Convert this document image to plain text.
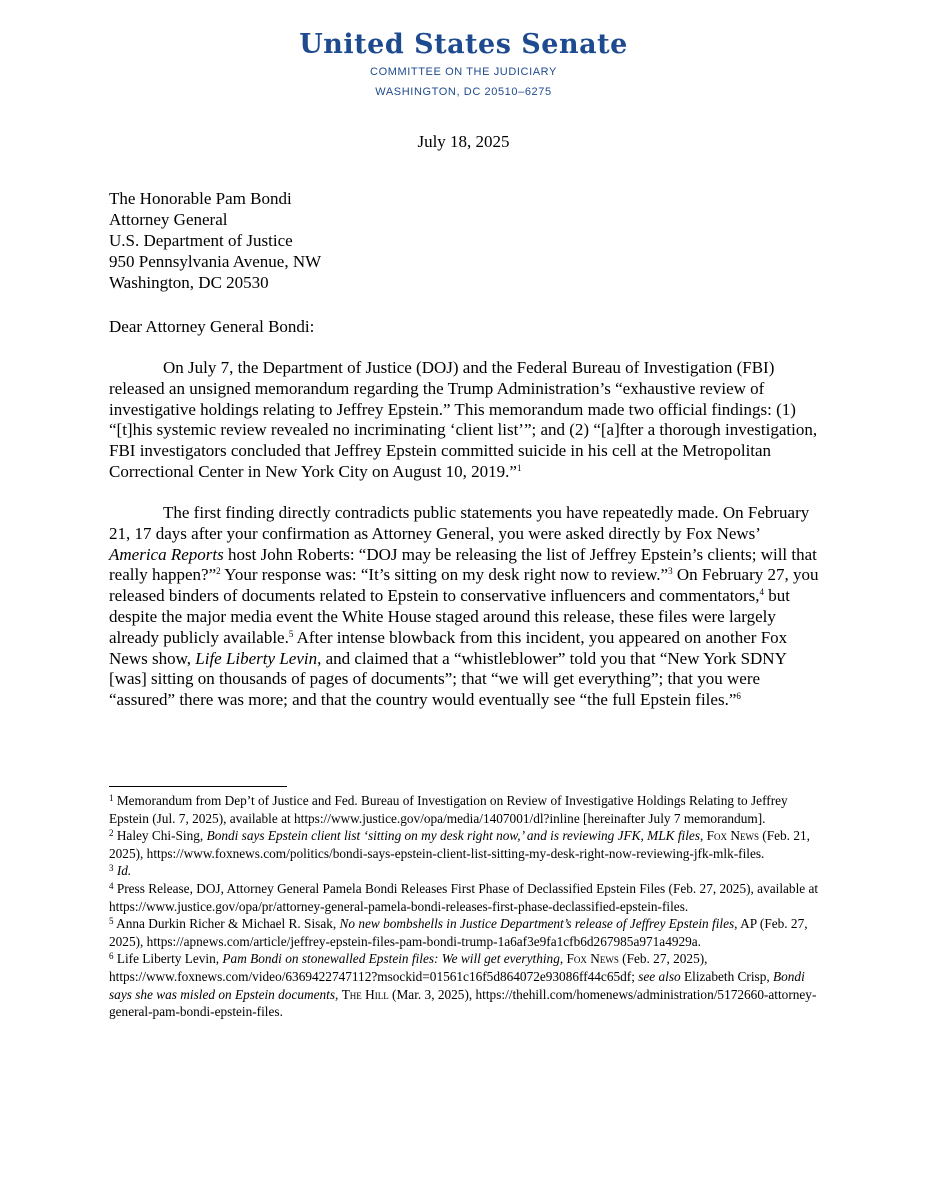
United States Senate
COMMITTEE ON THE JUDICIARY
WASHINGTON, DC 20510–6275
July 18, 2025
The Honorable Pam Bondi
Attorney General
U.S. Department of Justice
950 Pennsylvania Avenue, NW
Washington, DC 20530
Dear Attorney General Bondi:

On July 7, the Department of Justice (DOJ) and the Federal Bureau of Investigation (FBI) released an unsigned memorandum regarding the Trump Administration’s “exhaustive review of investigative holdings relating to Jeffrey Epstein.” This memorandum made two official findings: (1) “[t]his systemic review revealed no incriminating ‘client list’”; and (2) “[a]fter a thorough investigation, FBI investigators concluded that Jeffrey Epstein committed suicide in his cell at the Metropolitan Correctional Center in New York City on August 10, 2019.”$^1$

The first finding directly contradicts public statements you have repeatedly made. On February 21, 17 days after your confirmation as Attorney General, you were asked directly by Fox News’ America Reports host John Roberts: “DOJ may be releasing the list of Jeffrey Epstein’s clients; will that really happen?”$^2$ Your response was: “It’s sitting on my desk right now to review.”$^3$ On February 27, you released binders of documents related to Epstein to conservative influencers and commentators,$^4$ but despite the major media event the White House staged around this release, these files were largely already publicly available.$^5$ After intense blowback from this incident, you appeared on another Fox News show, Life Liberty Levin, and claimed that a “whistleblower” told you that “New York SDNY [was] sitting on thousands of pages of documents”; that “we will get everything”; that you were “assured” there was more; and that the country would eventually see “the full Epstein files.”$^6$

$^1$ Memorandum from Dep’t of Justice and Fed. Bureau of Investigation on Review of Investigative Holdings Relating to Jeffrey Epstein (Jul. 7, 2025), available at https://www.justice.gov/opa/media/1407001/dl?inline [hereinafter July 7 memorandum].

$^2$ Haley Chi-Sing, Bondi says Epstein client list ‘sitting on my desk right now,’ and is reviewing JFK, MLK files, Fox News (Feb. 21, 2025), https://www.foxnews.com/politics/bondi-says-epstein-client-list-sitting-my-desk-right-now-reviewing-jfk-mlk-files.

$^3$ Id.

$^4$ Press Release, DOJ, Attorney General Pamela Bondi Releases First Phase of Declassified Epstein Files (Feb. 27, 2025), available at https://www.justice.gov/opa/pr/attorney-general-pamela-bondi-releases-first-phase-declassified-epstein-files.

$^5$ Anna Durkin Richer & Michael R. Sisak, No new bombshells in Justice Department’s release of Jeffrey Epstein files, AP (Feb. 27, 2025), https://apnews.com/article/jeffrey-epstein-files-pam-bondi-trump-1a6af3e9fa1cfb6d267985a971a4929a.

$^6$ Life Liberty Levin, Pam Bondi on stonewalled Epstein files: We will get everything, Fox News (Feb. 27, 2025), https://www.foxnews.com/video/6369422747112?msockid=01561c16f5d864072e93086ff44c65df; see also Elizabeth Crisp, Bondi says she was misled on Epstein documents, The Hill (Mar. 3, 2025), https://thehill.com/homenews/administration/5172660-attorney-general-pam-bondi-epstein-files.
